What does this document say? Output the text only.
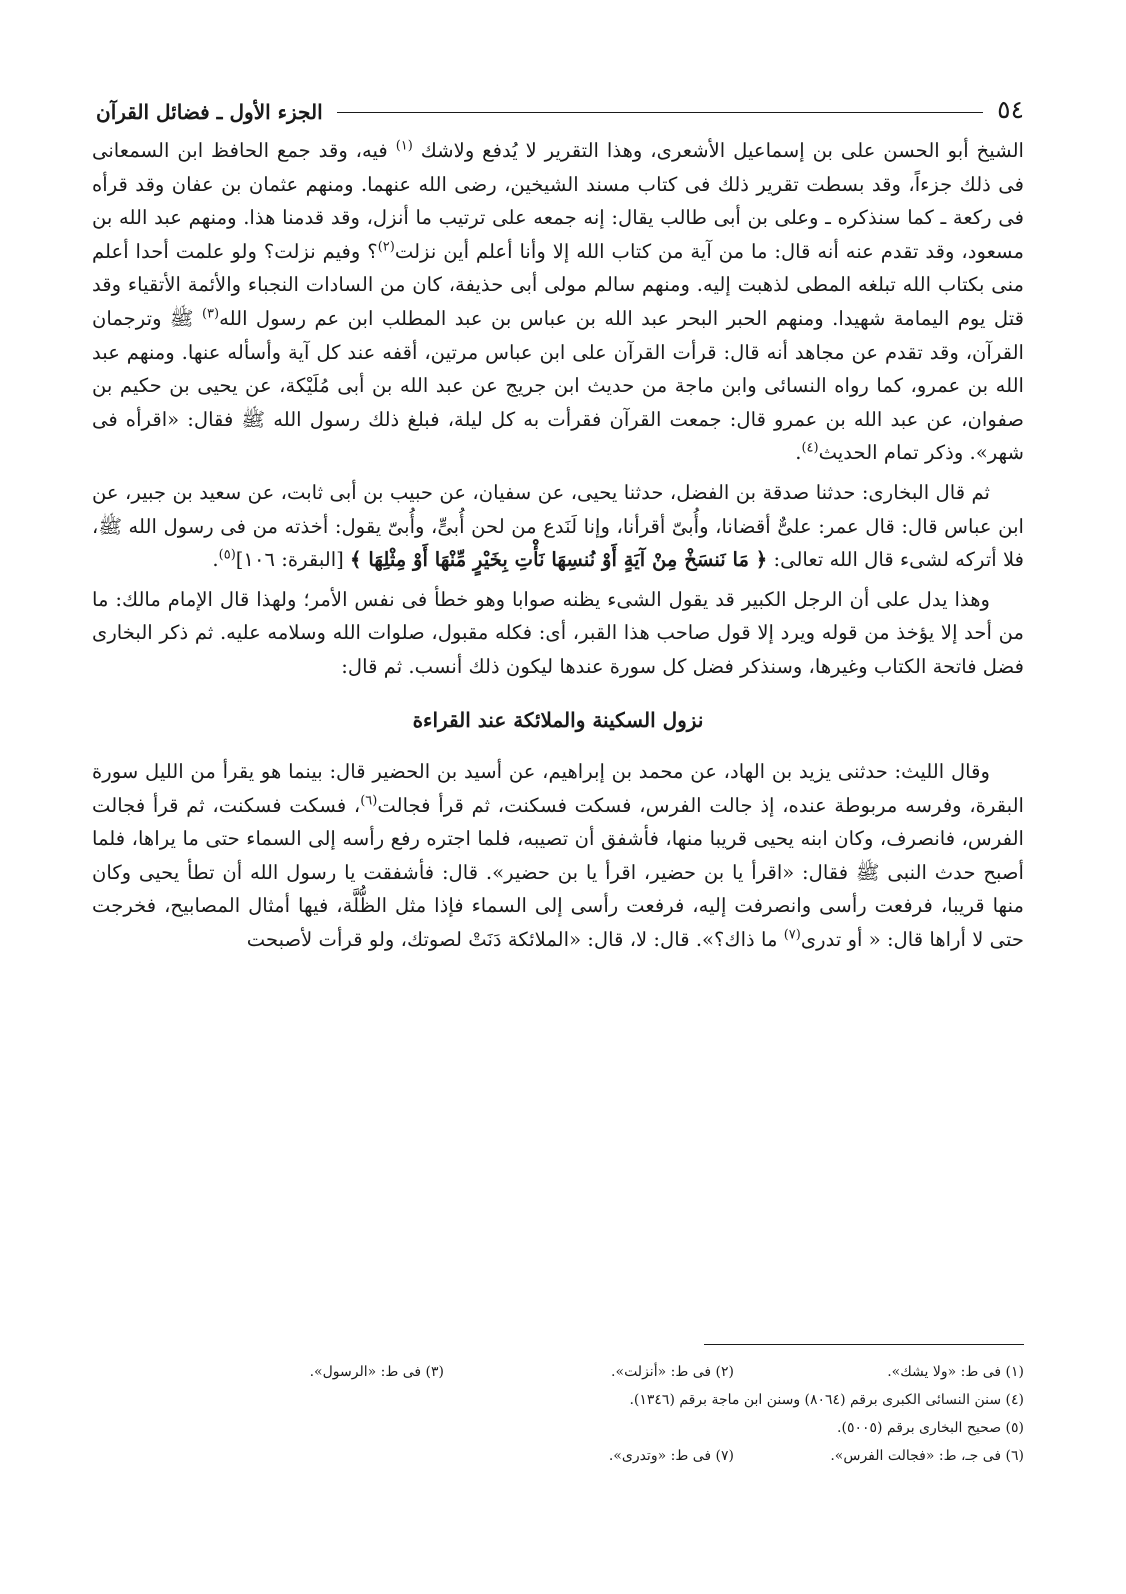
٥٤
الجزء الأول ـ فضائل القرآن

الشيخ أبو الحسن على بن إسماعيل الأشعرى، وهذا التقرير لا يُدفع ولاشك $^{(١)}$ فيه، وقد جمع الحافظ ابن السمعانى فى ذلك جزءاً، وقد بسطت تقرير ذلك فى كتاب مسند الشيخين، رضى الله عنهما. ومنهم عثمان بن عفان وقد قرأه فى ركعة ـ كما سنذكره ـ وعلى بن أبى طالب يقال: إنه جمعه على ترتيب ما أنزل، وقد قدمنا هذا. ومنهم عبد الله بن مسعود، وقد تقدم عنه أنه قال: ما من آية من كتاب الله إلا وأنا أعلم أين نزلت$^{(٢)}$؟ وفيم نزلت؟ ولو علمت أحدا أعلم منى بكتاب الله تبلغه المطى لذهبت إليه. ومنهم سالم مولى أبى حذيفة، كان من السادات النجباء والأئمة الأتقياء وقد قتل يوم اليمامة شهيدا. ومنهم الحبر البحر عبد الله بن عباس بن عبد المطلب ابن عم رسول الله$^{(٣)}$ ﷺ وترجمان القرآن، وقد تقدم عن مجاهد أنه قال: قرأت القرآن على ابن عباس مرتين، أقفه عند كل آية وأسأله عنها. ومنهم عبد الله بن عمرو، كما رواه النسائى وابن ماجة من حديث ابن جريج عن عبد الله بن أبى مُلَيْكة، عن يحيى بن حكيم بن صفوان، عن عبد الله بن عمرو قال: جمعت القرآن فقرأت به كل ليلة، فبلغ ذلك رسول الله ﷺ فقال: «اقرأه فى شهر». وذكر تمام الحديث$^{(٤)}$.

ثم قال البخارى: حدثنا صدقة بن الفضل، حدثنا يحيى، عن سفيان، عن حبيب بن أبى ثابت، عن سعيد بن جبير، عن ابن عباس قال: قال عمر: علىٌّ أقضانا، وأُبىّ أقرأنا، وإنا لَنَدع من لحن أُبىٍّ، وأُبىّ يقول: أخذته من فى رسول الله ﷺ، فلا أتركه لشىء قال الله تعالى: ﴿ مَا نَنسَخْ مِنْ آيَةٍ أَوْ نُنسِهَا نَأْتِ بِخَيْرٍ مِّنْهَا أَوْ مِثْلِهَا ﴾ [البقرة: ١٠٦]$^{(٥)}$.

وهذا يدل على أن الرجل الكبير قد يقول الشىء يظنه صوابا وهو خطأ فى نفس الأمر؛ ولهذا قال الإمام مالك: ما من أحد إلا يؤخذ من قوله ويرد إلا قول صاحب هذا القبر، أى: فكله مقبول، صلوات الله وسلامه عليه. ثم ذكر البخارى فضل فاتحة الكتاب وغيرها، وسنذكر فضل كل سورة عندها ليكون ذلك أنسب. ثم قال:

نزول السكينة والملائكة عند القراءة

وقال الليث: حدثنى يزيد بن الهاد، عن محمد بن إبراهيم، عن أسيد بن الحضير قال: بينما هو يقرأ من الليل سورة البقرة، وفرسه مربوطة عنده، إذ جالت الفرس، فسكت فسكنت، ثم قرأ فجالت$^{(٦)}$، فسكت فسكنت، ثم قرأ فجالت الفرس، فانصرف، وكان ابنه يحيى قريبا منها، فأشفق أن تصيبه، فلما اجتره رفع رأسه إلى السماء حتى ما يراها، فلما أصبح حدث النبى ﷺ فقال: «اقرأ يا بن حضير، اقرأ يا بن حضير». قال: فأشفقت يا رسول الله أن تطأ يحيى وكان منها قريبا، فرفعت رأسى وانصرفت إليه، فرفعت رأسى إلى السماء فإذا مثل الظُّلَّة، فيها أمثال المصابيح، فخرجت حتى لا أراها قال: « أو تدرى$^{(٧)}$ ما ذاك؟». قال: لا، قال: «الملائكة دَنَتْ لصوتك، ولو قرأت لأصبحت

(١) فى ط: «ولا يشك».
(٢) فى ط: «أنزلت».
(٣) فى ط: «الرسول».
(٤) سنن النسائى الكبرى برقم (٨٠٦٤) وسنن ابن ماجة برقم (١٣٤٦).
(٥) صحيح البخارى برقم (٥٠٠٥).
(٦) فى جـ، ط: «فجالت الفرس».
(٧) فى ط: «وتدرى».
